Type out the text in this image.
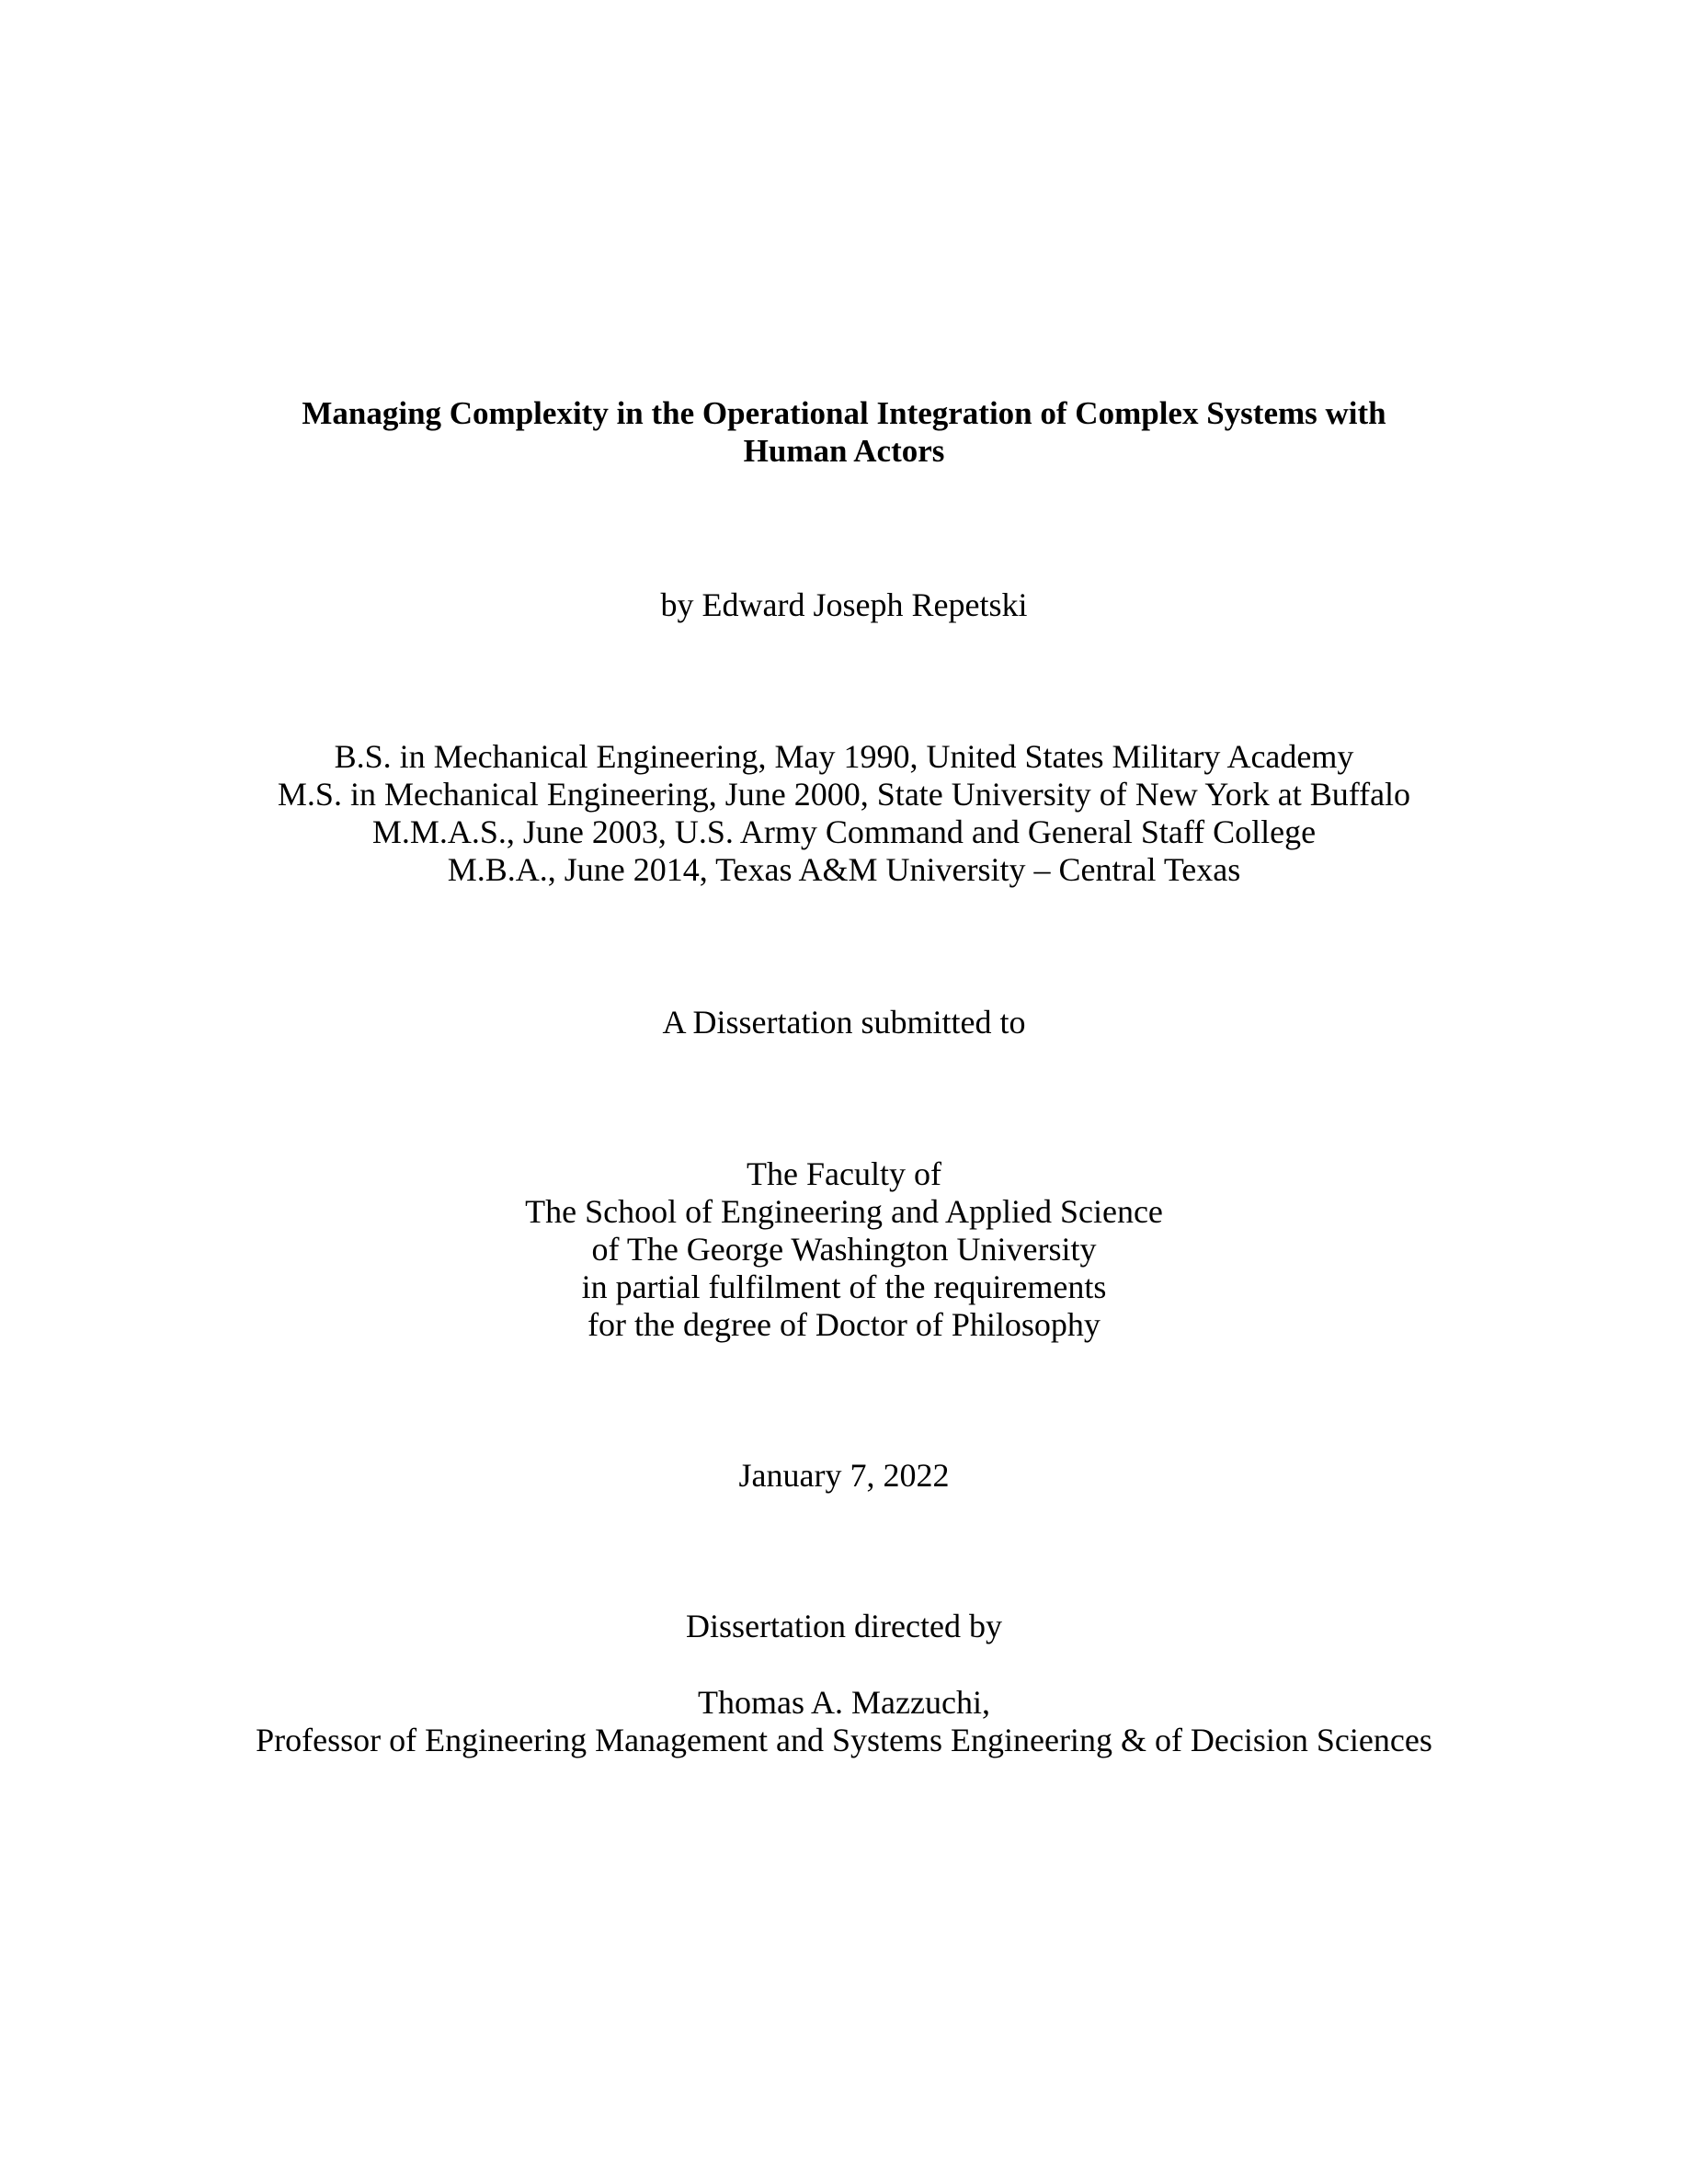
Managing Complexity in the Operational Integration of Complex Systems with
Human Actors
by Edward Joseph Repetski
B.S. in Mechanical Engineering, May 1990, United States Military Academy
M.S. in Mechanical Engineering, June 2000, State University of New York at Buffalo
M.M.A.S., June 2003, U.S. Army Command and General Staff College
M.B.A., June 2014, Texas A&M University – Central Texas
A Dissertation submitted to
The Faculty of
The School of Engineering and Applied Science
of The George Washington University
in partial fulfilment of the requirements
for the degree of Doctor of Philosophy
January 7, 2022
Dissertation directed by
Thomas A. Mazzuchi,
Professor of Engineering Management and Systems Engineering & of Decision Sciences
